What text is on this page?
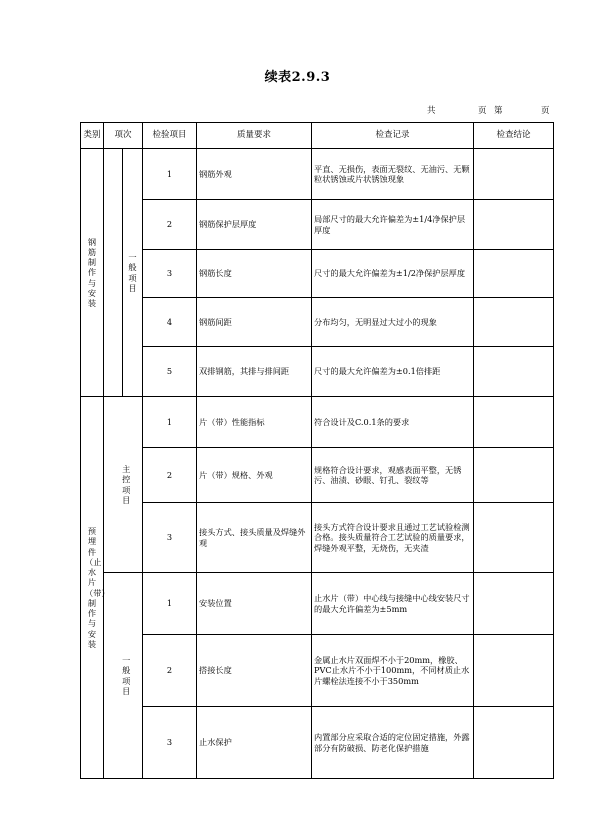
续表2.9.3
共	页 第	页
类别	项次		检验项目	质量要求	检查记录	检查结论	
钢筋制作与安装		一般项目	1	钢筋外观	平直、无损伤，表面无裂纹、无油污、无颗粒状锈蚀或片状锈蚀现象		
			2	钢筋保护层厚度	局部尺寸的最大允许偏差为±1/4净保护层厚度		
			3	钢筋长度	尺寸的最大允许偏差为±1/2净保护层厚度		
			4	钢筋间距	分布均匀，无明显过大过小的现象		
			5	双排钢筋，其排与排间距	尺寸的最大允许偏差为±0.1倍排距		
预埋件（止水片（带）制作与安装		主控项目	1	片（带）性能指标	符合设计及C.0.1条的要求		
			2	片（带）规格、外观	规格符合设计要求，观感表面平整，无锈污、油渍、砂眼、钉孔、裂纹等		
			3	接头方式、接头质量及焊缝外观	接头方式符合设计要求且通过工艺试验检测合格。接头质量符合工艺试验的质量要求，焊缝外观平整，无烧伤，无夹渣		
		一般项目	1	安装位置	止水片（带）中心线与接缝中心线安装尺寸的最大允许偏差为±5mm		
			2	搭接长度	金属止水片双面焊不小于20mm，橡胶、PVC止水片不小于100mm，不同材质止水片螺栓法连接不小于350mm		
			3	止水保护	内置部分应采取合适的定位固定措施，外露部分有防破损、防老化保护措施		
